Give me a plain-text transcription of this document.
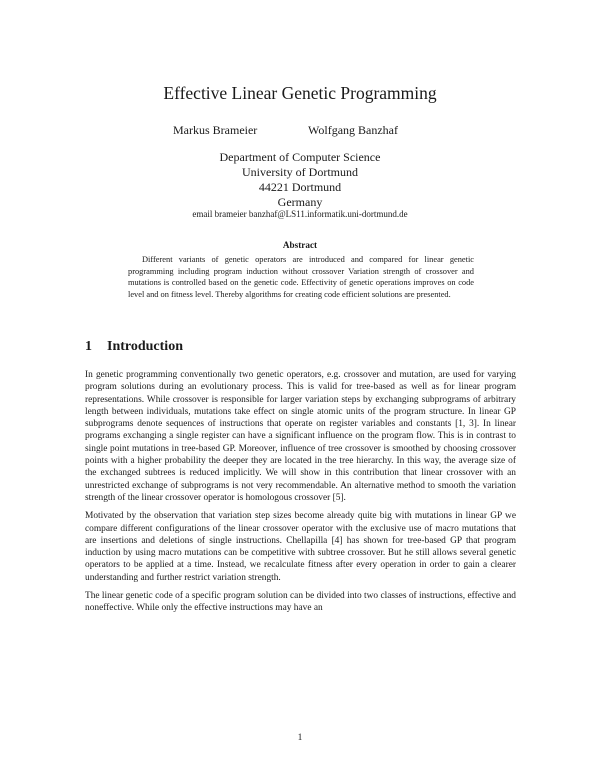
Effective Linear Genetic Programming
Markus Brameier	Wolfgang Banzhaf
Department of Computer Science
University of Dortmund
44221 Dortmund
Germany
email brameier banzhaf@LS11.informatik.uni-dortmund.de
Abstract

Different variants of genetic operators are introduced and compared for linear genetic programming including program induction without crossover Variation strength of crossover and mutations is controlled based on the genetic code. Effectivity of genetic operations improves on code level and on fitness level. Thereby algorithms for creating code efficient solutions are presented.

1 Introduction

In genetic programming conventionally two genetic operators, e.g. crossover and mutation, are used for varying program solutions during an evolutionary process. This is valid for tree-based as well as for linear program representations. While crossover is responsible for larger variation steps by exchanging subprograms of arbitrary length between individuals, mutations take effect on single atomic units of the program structure. In linear GP subprograms denote sequences of instructions that operate on register variables and constants [1, 3]. In linear programs exchanging a single register can have a significant influence on the program flow. This is in contrast to single point mutations in tree-based GP. Moreover, influence of tree crossover is smoothed by choosing crossover points with a higher probability the deeper they are located in the tree hierarchy. In this way, the average size of the exchanged subtrees is reduced implicitly. We will show in this contribution that linear crossover with an unrestricted exchange of subprograms is not very recommendable. An alternative method to smooth the variation strength of the linear crossover operator is homologous crossover [5].

Motivated by the observation that variation step sizes become already quite big with mutations in linear GP we compare different configurations of the linear crossover operator with the exclusive use of macro mutations that are insertions and deletions of single instructions. Chellapilla [4] has shown for tree-based GP that program induction by using macro mutations can be competitive with subtree crossover. But he still allows several genetic operators to be applied at a time. Instead, we recalculate fitness after every operation in order to gain a clearer understanding and further restrict variation strength.

The linear genetic code of a specific program solution can be divided into two classes of instructions, effective and noneffective. While only the effective instructions may have an

1
